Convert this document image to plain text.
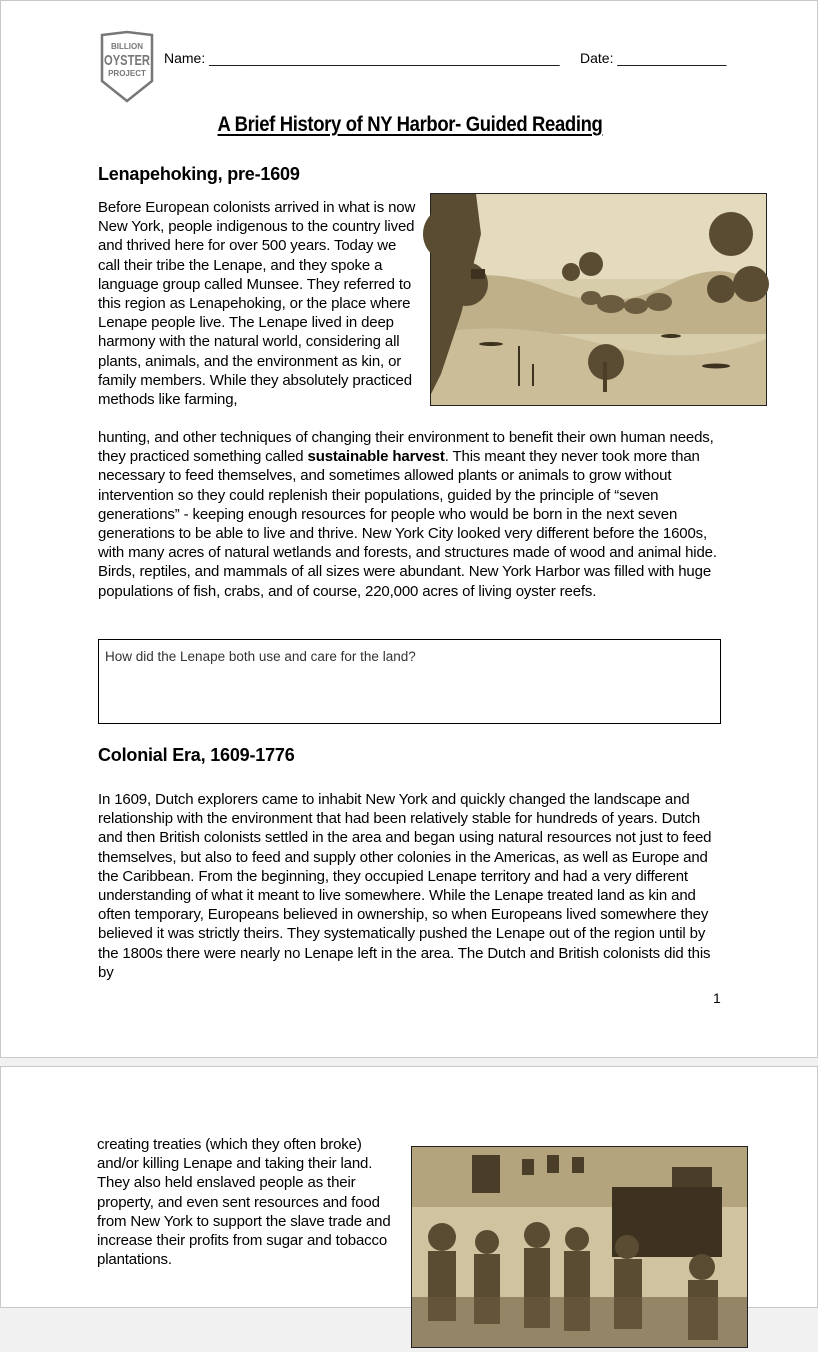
BILLION
OYSTER
PROJECT
Name: _____________________________________________ Date: ______________
A Brief History of NY Harbor- Guided Reading
Lenapehoking, pre-1609
Before European colonists arrived in what is now New York, people indigenous to the country lived and thrived here for over 500 years. Today we call their tribe the Lenape, and they spoke a language group called Munsee. They referred to this region as Lenapehoking, or the place where Lenape people live. The Lenape lived in deep harmony with the natural world, considering all plants, animals, and the environment as kin, or family members. While they absolutely practiced methods like farming,
hunting, and other techniques of changing their environment to benefit their own human needs, they practiced something called sustainable harvest. This meant they never took more than necessary to feed themselves, and sometimes allowed plants or animals to grow without intervention so they could replenish their populations, guided by the principle of “seven generations” - keeping enough resources for people who would be born in the next seven generations to be able to live and thrive. New York City looked very different before the 1600s, with many acres of natural wetlands and forests, and structures made of wood and animal hide. Birds, reptiles, and mammals of all sizes were abundant. New York Harbor was filled with huge populations of fish, crabs, and of course, 220,000 acres of living oyster reefs.
How did the Lenape both use and care for the land?
Colonial Era, 1609-1776
In 1609, Dutch explorers came to inhabit New York and quickly changed the landscape and relationship with the environment that had been relatively stable for hundreds of years. Dutch and then British colonists settled in the area and began using natural resources not just to feed themselves, but also to feed and supply other colonies in the Americas, as well as Europe and the Caribbean. From the beginning, they occupied Lenape territory and had a very different understanding of what it meant to live somewhere. While the Lenape treated land as kin and often temporary, Europeans believed in ownership, so when Europeans lived somewhere they believed it was strictly theirs. They systematically pushed the Lenape out of the region until by the 1800s there were nearly no Lenape left in the area. The Dutch and British colonists did this by
1
creating treaties (which they often broke) and/or killing Lenape and taking their land. They also held enslaved people as their property, and even sent resources and food from New York to support the slave trade and increase their profits from sugar and tobacco plantations.
